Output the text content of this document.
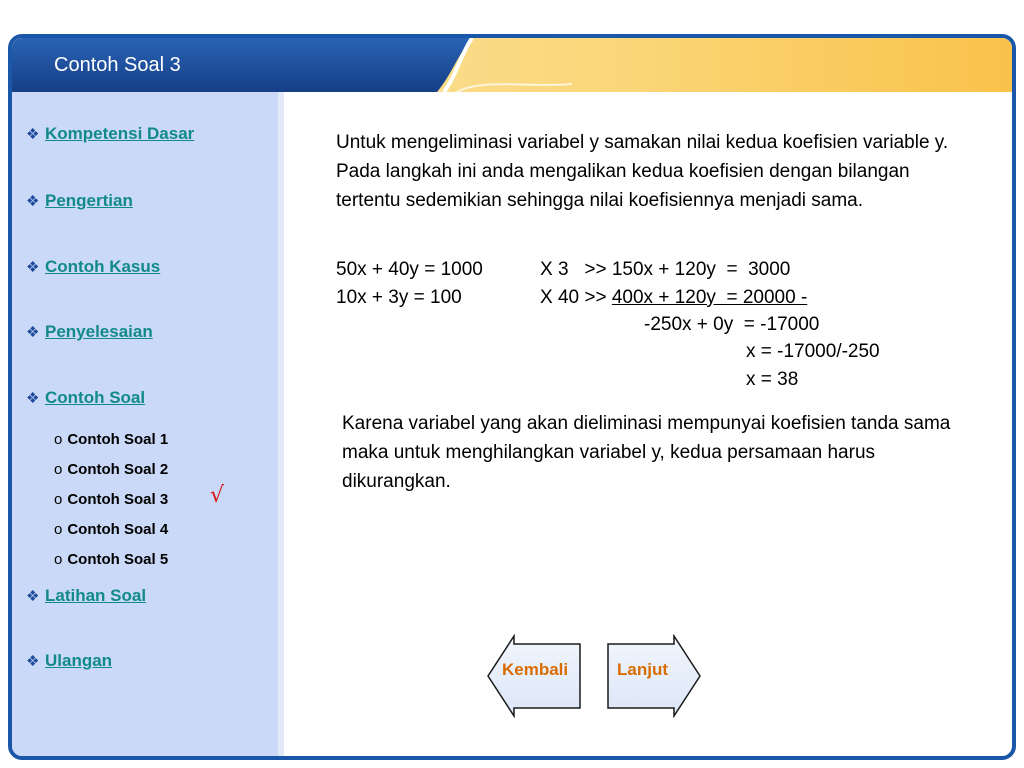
Contoh Soal 3
❖ Kompetensi Dasar
❖ Pengertian
❖ Contoh Kasus
❖ Penyelesaian
❖ Contoh Soal
o Contoh Soal 1
o Contoh Soal 2
o Contoh Soal 3 √
o Contoh Soal 4
o Contoh Soal 5
❖ Latihan Soal
❖ Ulangan
Untuk mengeliminasi variabel y samakan nilai kedua koefisien variable y. Pada langkah ini anda mengalikan kedua koefisien dengan bilangan tertentu sedemikian sehingga nilai koefisiennya menjadi sama.
50x + 40y = 1000	X 3   >> 150x + 120y  =  3000
10x + 3y = 100	X 40 >> 400x + 120y  = 20000 -
-250x + 0y  = -17000
x = -17000/-250
x = 38
Karena variabel yang akan dieliminasi mempunyai koefisien tanda sama maka untuk menghilangkan variabel y, kedua persamaan harus dikurangkan.
Kembali	Lanjut
